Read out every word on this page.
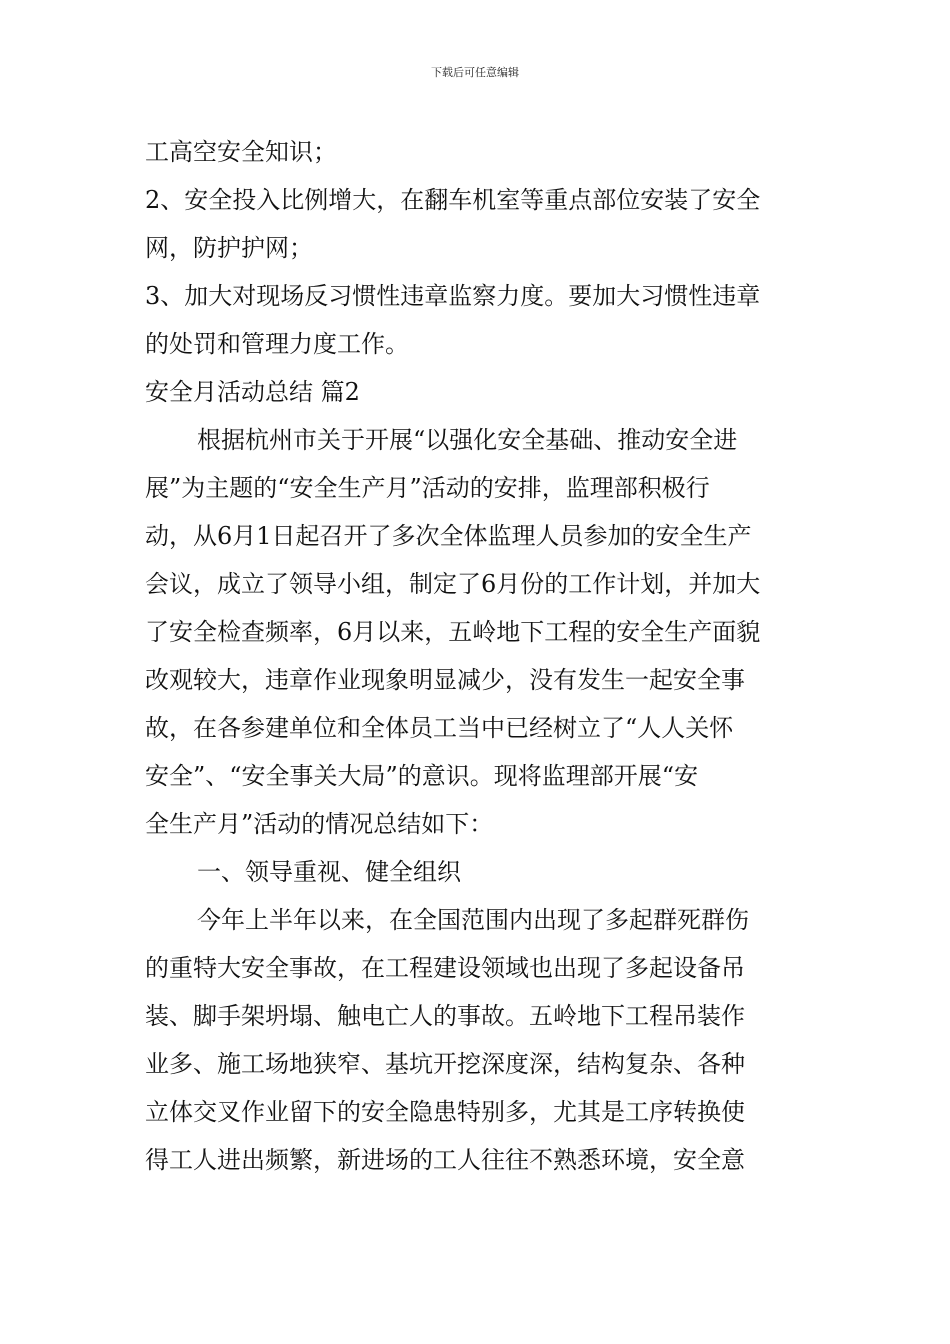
下载后可任意编辑
工高空安全知识；
2、安全投入比例增大，在翻车机室等重点部位安装了安全
网，防护护网；
3、加大对现场反习惯性违章监察力度。要加大习惯性违章
的处罚和管理力度工作。
安全月活动总结 篇2
根据杭州市关于开展“以强化安全基础、推动安全进
展”为主题的“安全生产月”活动的安排，监理部积极行
动，从6月1日起召开了多次全体监理人员参加的安全生产
会议，成立了领导小组，制定了6月份的工作计划，并加大
了安全检查频率，6月以来，五岭地下工程的安全生产面貌
改观较大，违章作业现象明显减少，没有发生一起安全事
故，在各参建单位和全体员工当中已经树立了“人人关怀
安全”、“安全事关大局”的意识。现将监理部开展“安
全生产月”活动的情况总结如下：
一、领导重视、健全组织
今年上半年以来，在全国范围内出现了多起群死群伤
的重特大安全事故，在工程建设领域也出现了多起设备吊
装、脚手架坍塌、触电亡人的事故。五岭地下工程吊装作
业多、施工场地狭窄、基坑开挖深度深，结构复杂、各种
立体交叉作业留下的安全隐患特别多，尤其是工序转换使
得工人进出频繁，新进场的工人往往不熟悉环境，安全意
